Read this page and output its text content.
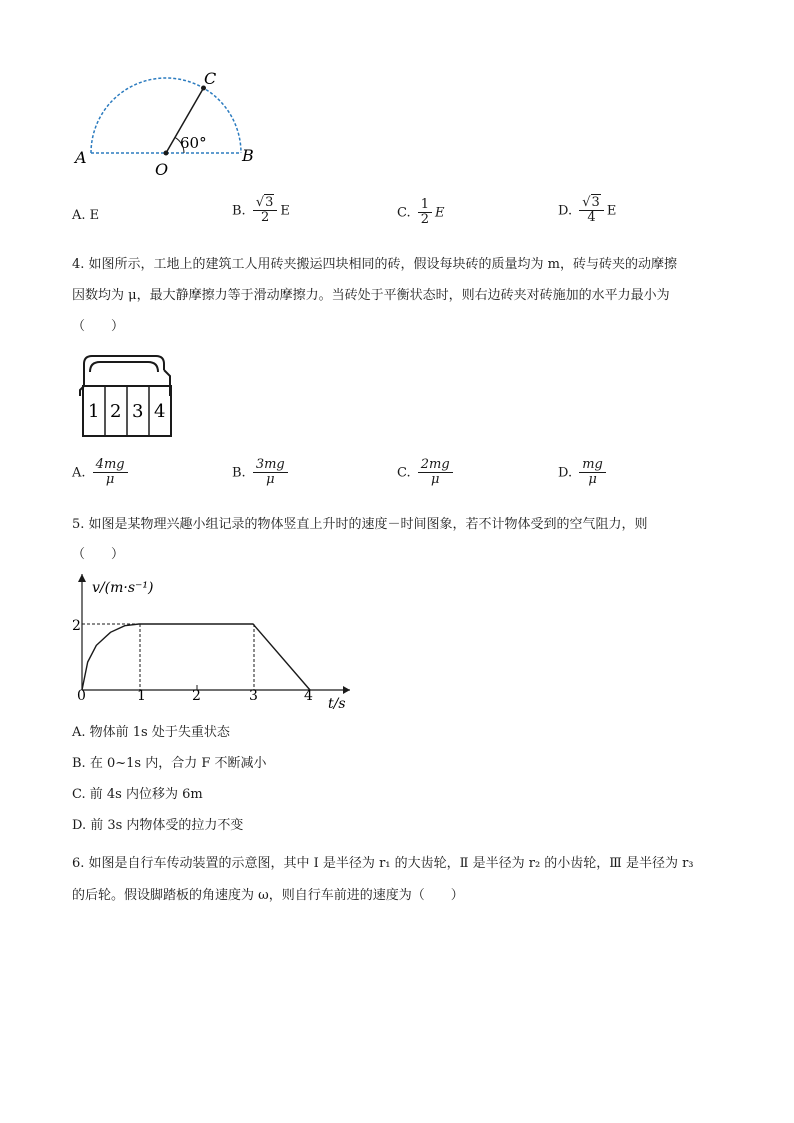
A	B
C
O
60°
A. E	B. $\frac{√3}{2}$ E	C. $\frac{1}{2}$ E	D. $\frac{√3}{4}$ E
4. 如图所示，工地上的建筑工人用砖夹搬运四块相同的砖，假设每块砖的质量均为 m，砖与砖夹的动摩擦
因数均为 μ，最大静摩擦力等于滑动摩擦力。当砖处于平衡状态时，则右边砖夹对砖施加的水平力最小为
（　　）
1 2 3 4
A. $\frac{4mg}{\mu}$	B. $\frac{3mg}{\mu}$	C. $\frac{2mg}{\mu}$	D. $\frac{mg}{\mu}$
5. 如图是某物理兴趣小组记录的物体竖直上升时的速度－时间图象，若不计物体受到的空气阻力，则
（　　）
v/(m·s⁻¹)
t/s
2
0	1	2	3	4
A. 物体前 1s 处于失重状态
B. 在 0~1s 内，合力 F 不断减小
C. 前 4s 内位移为 6m
D. 前 3s 内物体受的拉力不变
6. 如图是自行车传动装置的示意图，其中 Ⅰ 是半径为 r₁ 的大齿轮，Ⅱ 是半径为 r₂ 的小齿轮，Ⅲ 是半径为 r₃
的后轮。假设脚踏板的角速度为 ω，则自行车前进的速度为（　　）
